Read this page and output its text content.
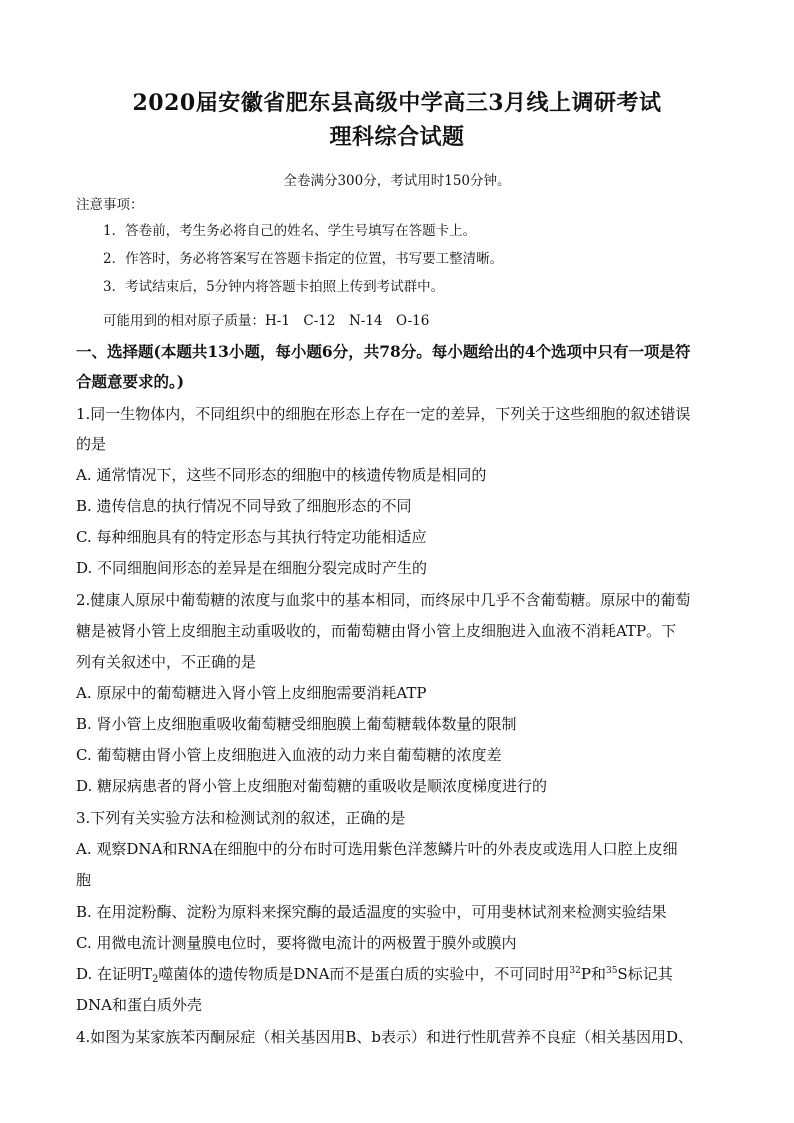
2020届安徽省肥东县高级中学高三3月线上调研考试
理科综合试题
全卷满分300分，考试用时150分钟。
注意事项：
1．答卷前，考生务必将自己的姓名、学生号填写在答题卡上。
2．作答时，务必将答案写在答题卡指定的位置，书写要工整清晰。
3．考试结束后，5分钟内将答题卡拍照上传到考试群中。
可能用到的相对原子质量：H-1　C-12　N-14　O-16
一、选择题(本题共13小题，每小题6分，共78分。每小题给出的4个选项中只有一项是符
合题意要求的。)
1.同一生物体内，不同组织中的细胞在形态上存在一定的差异，下列关于这些细胞的叙述错误
的是
A. 通常情况下，这些不同形态的细胞中的核遗传物质是相同的
B. 遗传信息的执行情况不同导致了细胞形态的不同
C. 每种细胞具有的特定形态与其执行特定功能相适应
D. 不同细胞间形态的差异是在细胞分裂完成时产生的
2.健康人原尿中葡萄糖的浓度与血浆中的基本相同，而终尿中几乎不含葡萄糖。原尿中的葡萄
糖是被肾小管上皮细胞主动重吸收的，而葡萄糖由肾小管上皮细胞进入血液不消耗ATP。下
列有关叙述中，不正确的是
A. 原尿中的葡萄糖进入肾小管上皮细胞需要消耗ATP
B. 肾小管上皮细胞重吸收葡萄糖受细胞膜上葡萄糖载体数量的限制
C. 葡萄糖由肾小管上皮细胞进入血液的动力来自葡萄糖的浓度差
D. 糖尿病患者的肾小管上皮细胞对葡萄糖的重吸收是顺浓度梯度进行的
3.下列有关实验方法和检测试剂的叙述，正确的是
A. 观察DNA和RNA在细胞中的分布时可选用紫色洋葱鳞片叶的外表皮或选用人口腔上皮细
胞
B. 在用淀粉酶、淀粉为原料来探究酶的最适温度的实验中，可用斐林试剂来检测实验结果
C. 用微电流计测量膜电位时，要将微电流计的两极置于膜外或膜内
D. 在证明$T_2$噬菌体的遗传物质是DNA而不是蛋白质的实验中，不可同时用$^{32}$P和$^{35}$S标记其
DNA和蛋白质外壳
4.如图为某家族苯丙酮尿症（相关基因用B、b表示）和进行性肌营养不良症（相关基因用D、
